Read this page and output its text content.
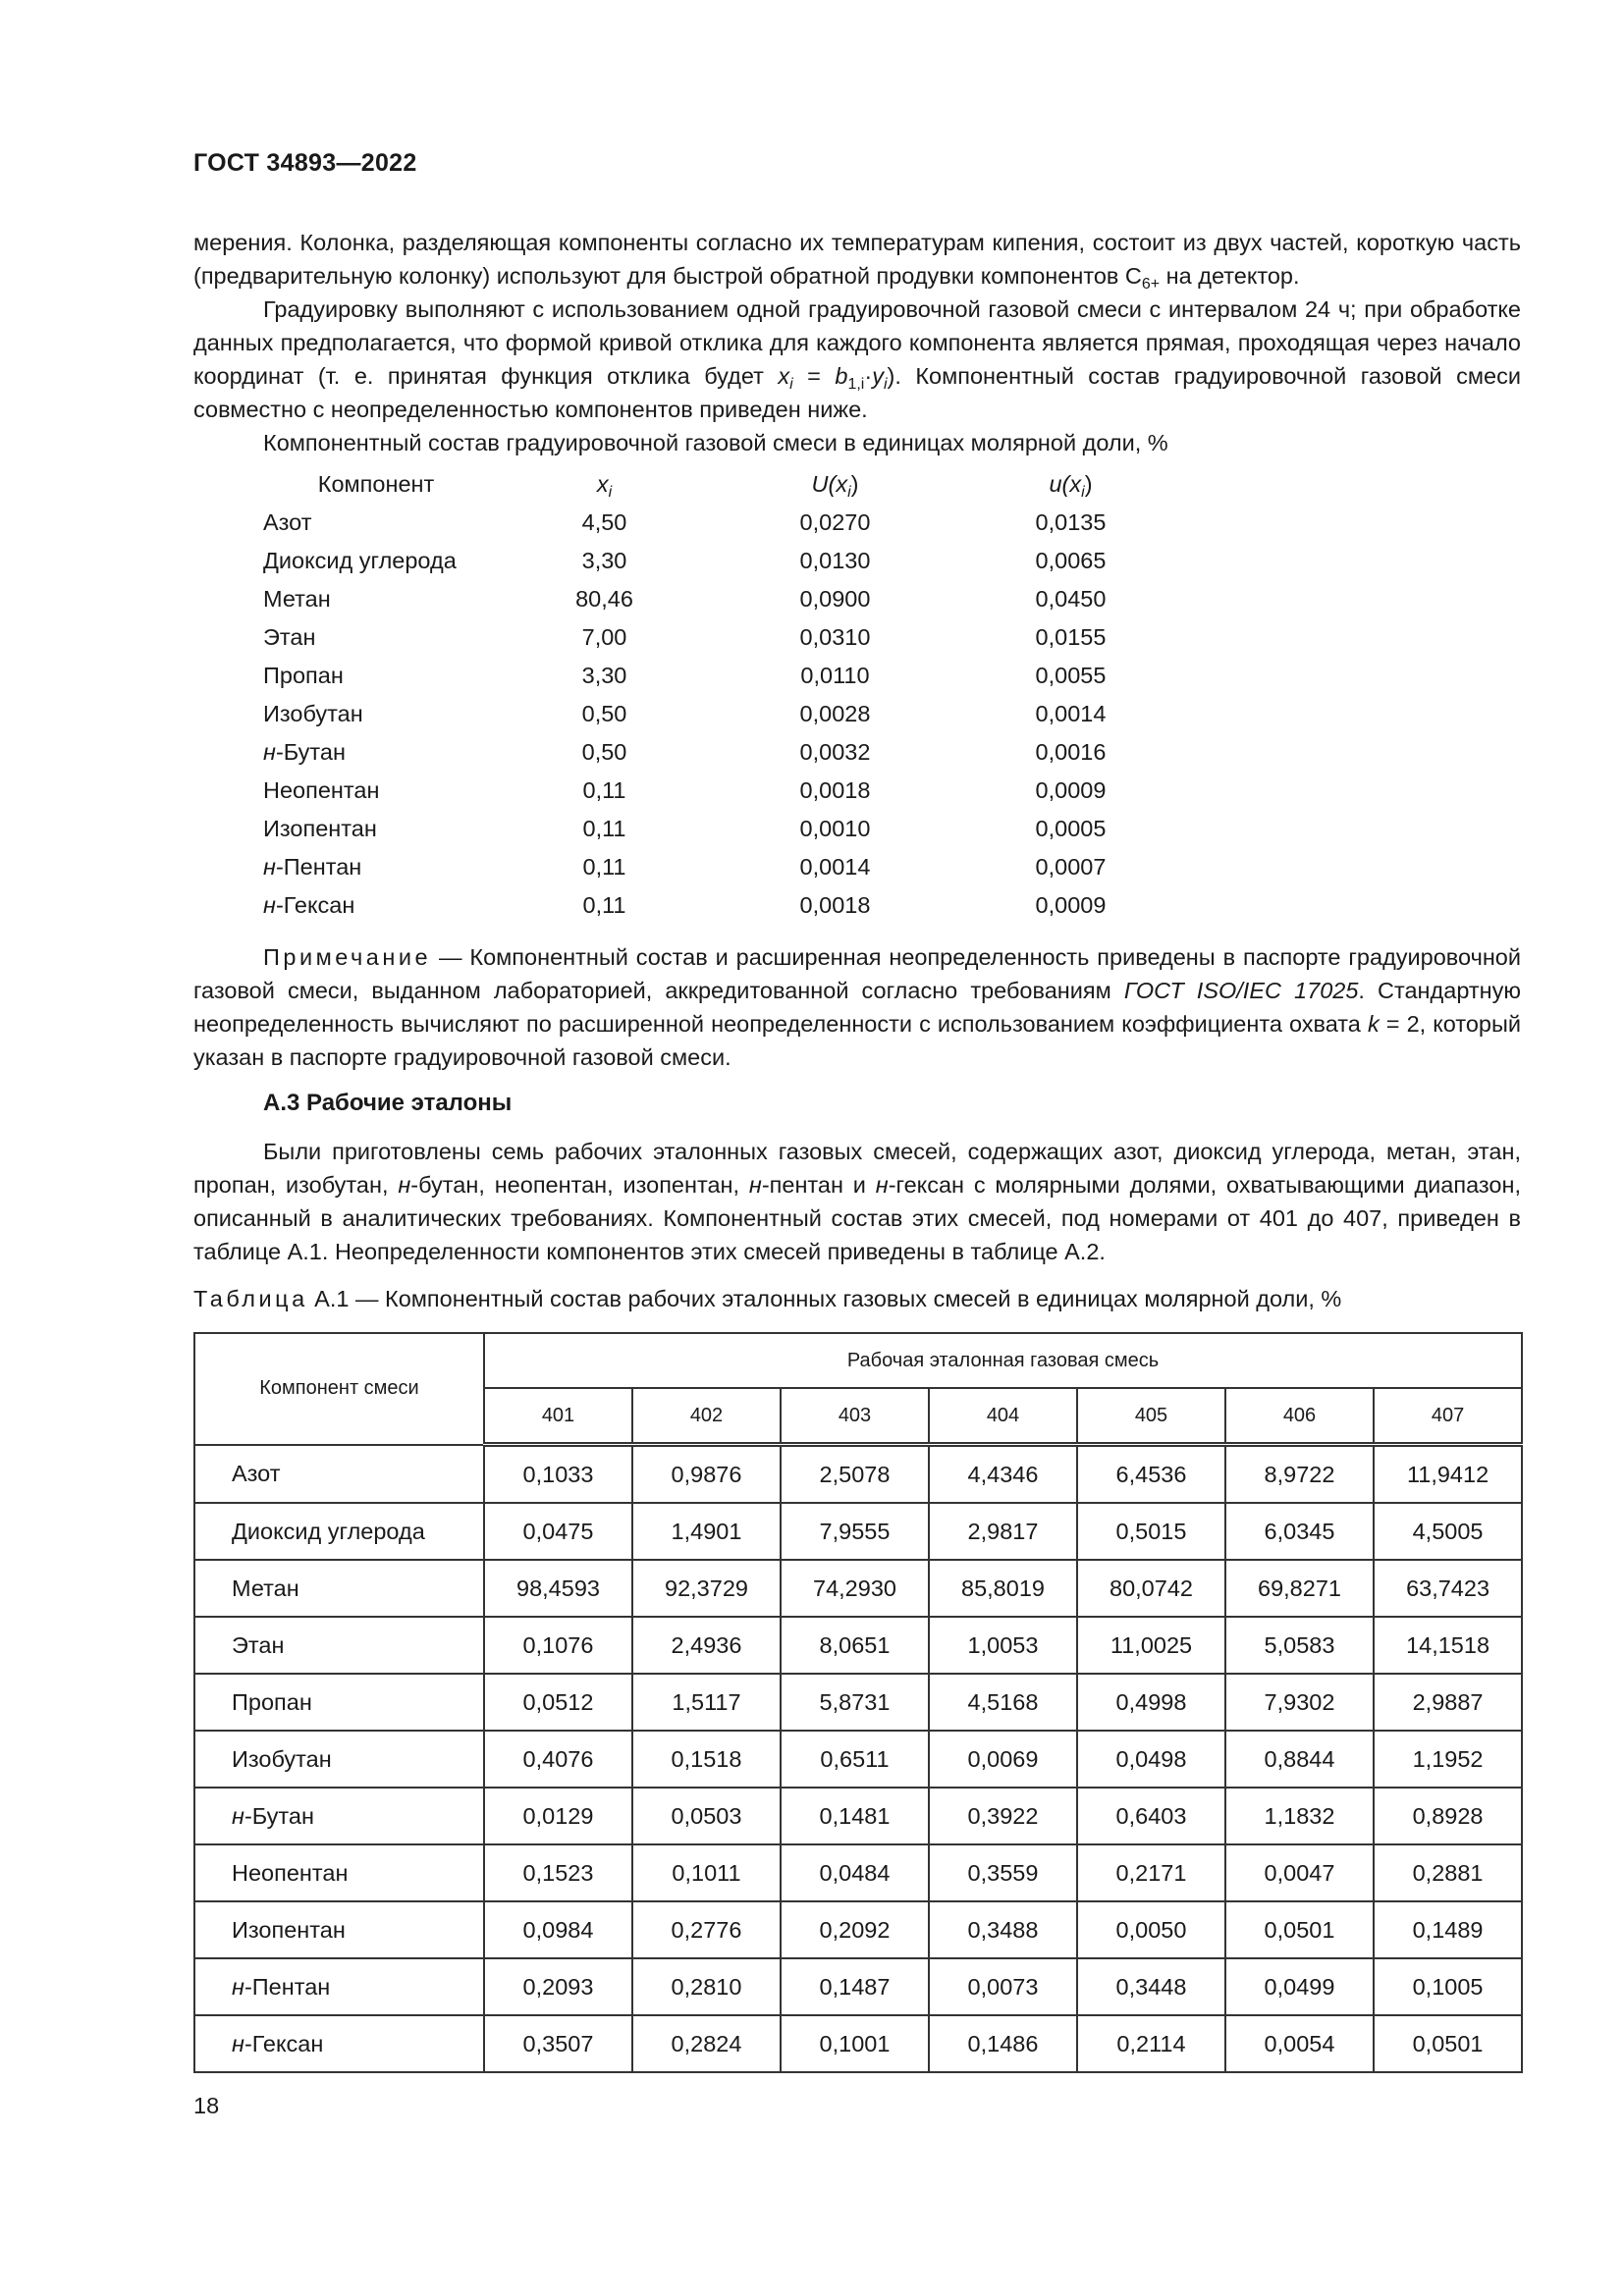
ГОСТ 34893—2022

мерения. Колонка, разделяющая компоненты согласно их температурам кипения, состоит из двух частей, короткую часть (предварительную колонку) используют для быстрой обратной продувки компонентов $C_{6+}$ на детектор.

Градуировку выполняют с использованием одной градуировочной газовой смеси с интервалом 24 ч; при обработке данных предполагается, что формой кривой отклика для каждого компонента является прямая, проходящая через начало координат (т. е. принятая функция отклика будет $x_i = b_{1,i}\cdot y_i$). Компонентный состав градуировочной газовой смеси совместно с неопределенностью компонентов приведен ниже.

Компонентный состав градуировочной газовой смеси в единицах молярной доли, %

Компонент	$x_i$	$U(x_i)$	$u(x_i)$
Азот	4,50	0,0270	0,0135
Диоксид углерода	3,30	0,0130	0,0065
Метан	80,46	0,0900	0,0450
Этан	7,00	0,0310	0,0155
Пропан	3,30	0,0110	0,0055
Изобутан	0,50	0,0028	0,0014
н-Бутан	0,50	0,0032	0,0016
Неопентан	0,11	0,0018	0,0009
Изопентан	0,11	0,0010	0,0005
н-Пентан	0,11	0,0014	0,0007
н-Гексан	0,11	0,0018	0,0009

Примечание — Компонентный состав и расширенная неопределенность приведены в паспорте градуировочной газовой смеси, выданном лабораторией, аккредитованной согласно требованиям ГОСТ ISO/IEC 17025. Стандартную неопределенность вычисляют по расширенной неопределенности с использованием коэффициента охвата k = 2, который указан в паспорте градуировочной газовой смеси.

А.3 Рабочие эталоны

Были приготовлены семь рабочих эталонных газовых смесей, содержащих азот, диоксид углерода, метан, этан, пропан, изобутан, н-бутан, неопентан, изопентан, н-пентан и н-гексан с молярными долями, охватывающими диапазон, описанный в аналитических требованиях. Компонентный состав этих смесей, под номерами от 401 до 407, приведен в таблице А.1. Неопределенности компонентов этих смесей приведены в таблице А.2.

Таблица А.1 — Компонентный состав рабочих эталонных газовых смесей в единицах молярной доли, %
Компонент смеси	Рабочая эталонная газовая смесь						
	401	402	403	404	405	406	407
Азот	0,1033	0,9876	2,5078	4,4346	6,4536	8,9722	11,9412
Диоксид углерода	0,0475	1,4901	7,9555	2,9817	0,5015	6,0345	4,5005
Метан	98,4593	92,3729	74,2930	85,8019	80,0742	69,8271	63,7423
Этан	0,1076	2,4936	8,0651	1,0053	11,0025	5,0583	14,1518
Пропан	0,0512	1,5117	5,8731	4,5168	0,4998	7,9302	2,9887
Изобутан	0,4076	0,1518	0,6511	0,0069	0,0498	0,8844	1,1952
н-Бутан	0,0129	0,0503	0,1481	0,3922	0,6403	1,1832	0,8928
Неопентан	0,1523	0,1011	0,0484	0,3559	0,2171	0,0047	0,2881
Изопентан	0,0984	0,2776	0,2092	0,3488	0,0050	0,0501	0,1489
н-Пентан	0,2093	0,2810	0,1487	0,0073	0,3448	0,0499	0,1005
н-Гексан	0,3507	0,2824	0,1001	0,1486	0,2114	0,0054	0,0501
18
